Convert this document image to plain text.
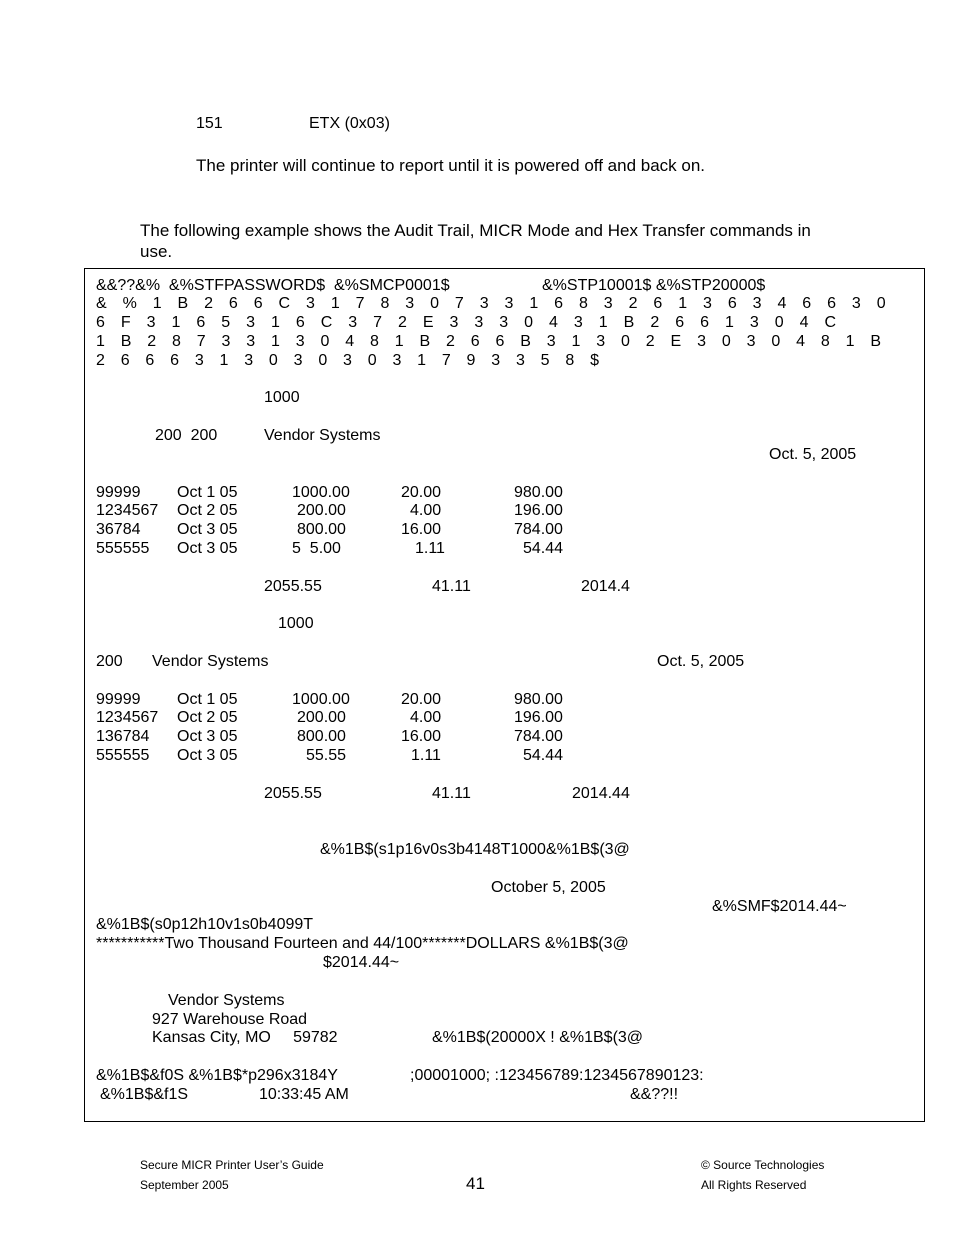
151	ETX (0x03)
The printer will continue to report until it is powered off and back on.
The following example shows the Audit Trail, MICR Mode and Hex Transfer commands in
use.
&&??&%  &%STFPASSWORD$  &%SMCP0001$	&%STP10001$ &%STP20000$
& % 1 B 2 6 6 C 3 1 7 8 3 0 7 3 3 1 6 8 3 2 6 1 3 6 3 4 6 6 3 0
6 F 3 1 6 5 3 1 6 C 3 7 2 E 3 3 3 0 4 3 1 B 2 6 6 1 3 0 4 C
1 B 2 8 7 3 3 1 3 0 4 8 1 B 2 6 6 B 3 1 3 0 2 E 3 0 3 0 4 8 1 B
2 6 6 6 3 1 3 0 3 0 3 0 3 1 7 9 3 3 5 8 $
1000
200  200	Vendor Systems
Oct. 5, 2005
99999 Oct 1 05	1000.00	20.00	980.00
1234567 Oct 2 05	200.00	4.00	196.00
36784 Oct 3 05	800.00	16.00	784.00
555555 Oct 3 05	5  5.00	1.11	54.44
2055.55	41.11	2014.4
1000
200 Vendor Systems	Oct. 5, 2005
99999 Oct 1 05	1000.00	20.00	980.00
1234567 Oct 2 05	200.00	4.00	196.00
136784 Oct 3 05	800.00	16.00	784.00
555555 Oct 3 05	55.55	1.11	54.44
2055.55	41.11	2014.44
&%1B$(s1p16v0s3b4148T1000&%1B$(3@
October 5, 2005
&%SMF$2014.44~
&%1B$(s0p12h10v1s0b4099T
***********Two Thousand Fourteen and 44/100*******DOLLARS &%1B$(3@
$2014.44~
Vendor Systems
927 Warehouse Road
Kansas City, MO     59782	&%1B$(20000X ! &%1B$(3@
&%1B$&f0S &%1B$*p296x3184Y	;00001000; :123456789:1234567890123:
&%1B$&f1S	10:33:45 AM	&&??!!
Secure MICR Printer User’s Guide
September 2005	41
© Source Technologies
All Rights Reserved
